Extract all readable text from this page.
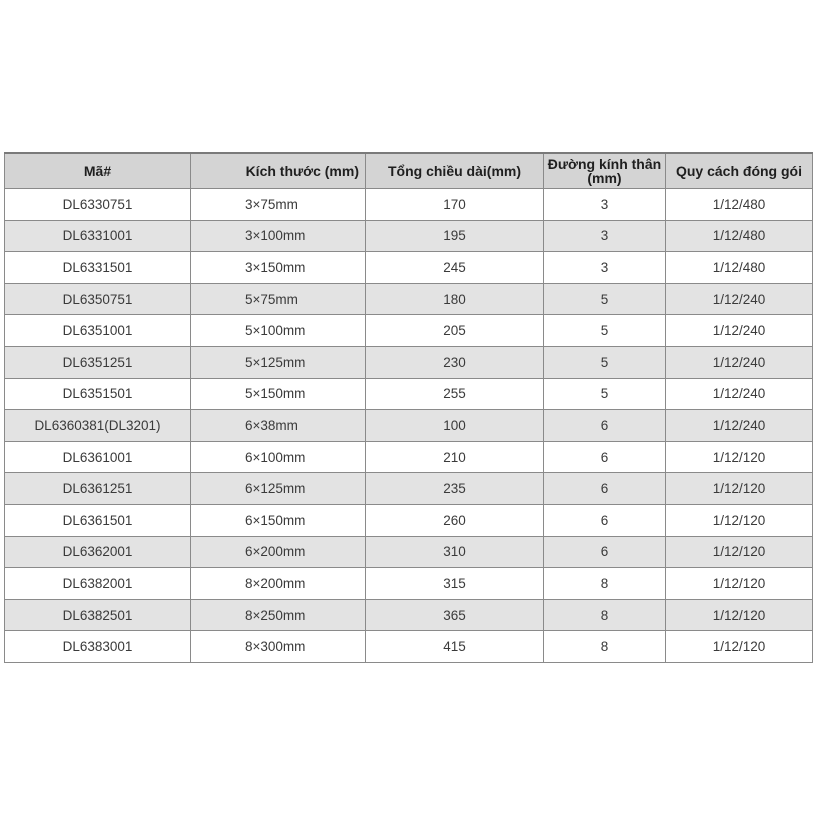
Mã#	Kích thước (mm)	Tổng chiều dài(mm)	Đường kính thân (mm)	Quy cách đóng gói
DL6330751	3×75mm	170	3	1/12/480
DL6331001	3×100mm	195	3	1/12/480
DL6331501	3×150mm	245	3	1/12/480
DL6350751	5×75mm	180	5	1/12/240
DL6351001	5×100mm	205	5	1/12/240
DL6351251	5×125mm	230	5	1/12/240
DL6351501	5×150mm	255	5	1/12/240
DL6360381(DL3201)	6×38mm	100	6	1/12/240
DL6361001	6×100mm	210	6	1/12/120
DL6361251	6×125mm	235	6	1/12/120
DL6361501	6×150mm	260	6	1/12/120
DL6362001	6×200mm	310	6	1/12/120
DL6382001	8×200mm	315	8	1/12/120
DL6382501	8×250mm	365	8	1/12/120
DL6383001	8×300mm	415	8	1/12/120
